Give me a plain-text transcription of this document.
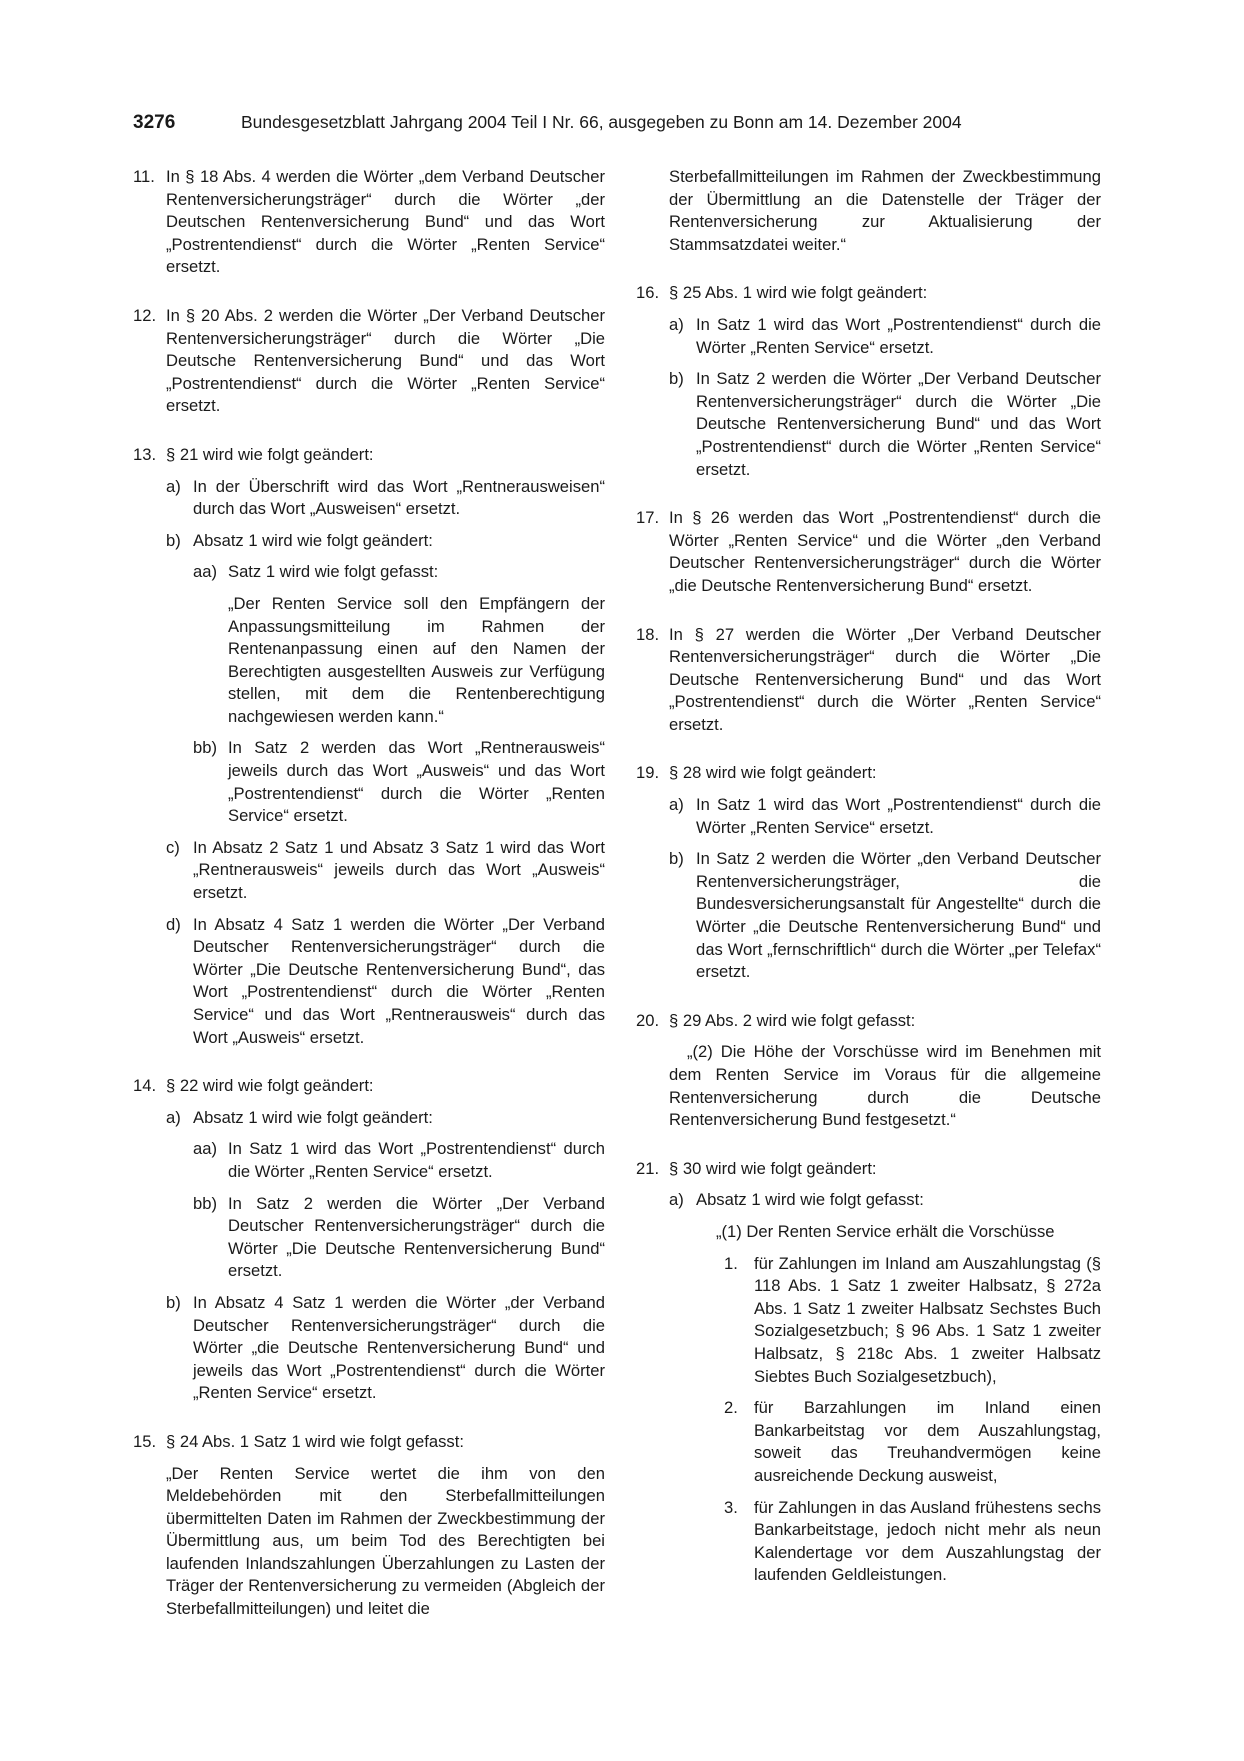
3276	Bundesgesetzblatt Jahrgang 2004 Teil I Nr. 66, ausgegeben zu Bonn am 14. Dezember 2004
11. In § 18 Abs. 4 werden die Wörter „dem Verband Deutscher Rentenversicherungsträger“ durch die Wörter „der Deutschen Rentenversicherung Bund“ und das Wort „Postrentendienst“ durch die Wörter „Renten Service“ ersetzt.

12. In § 20 Abs. 2 werden die Wörter „Der Verband Deutscher Rentenversicherungsträger“ durch die Wörter „Die Deutsche Rentenversicherung Bund“ und das Wort „Postrentendienst“ durch die Wörter „Renten Service“ ersetzt.

13. § 21 wird wie folgt geändert:

a) In der Überschrift wird das Wort „Rentnerausweisen“ durch das Wort „Ausweisen“ ersetzt.

b) Absatz 1 wird wie folgt geändert:

aa) Satz 1 wird wie folgt gefasst:

„Der Renten Service soll den Empfängern der Anpassungsmitteilung im Rahmen der Rentenanpassung einen auf den Namen der Berechtigten ausgestellten Ausweis zur Verfügung stellen, mit dem die Rentenberechtigung nachgewiesen werden kann.“

bb) In Satz 2 werden das Wort „Rentnerausweis“ jeweils durch das Wort „Ausweis“ und das Wort „Postrentendienst“ durch die Wörter „Renten Service“ ersetzt.

c) In Absatz 2 Satz 1 und Absatz 3 Satz 1 wird das Wort „Rentnerausweis“ jeweils durch das Wort „Ausweis“ ersetzt.

d) In Absatz 4 Satz 1 werden die Wörter „Der Verband Deutscher Rentenversicherungsträger“ durch die Wörter „Die Deutsche Rentenversicherung Bund“, das Wort „Postrentendienst“ durch die Wörter „Renten Service“ und das Wort „Rentnerausweis“ durch das Wort „Ausweis“ ersetzt.

14. § 22 wird wie folgt geändert:

a) Absatz 1 wird wie folgt geändert:

aa) In Satz 1 wird das Wort „Postrentendienst“ durch die Wörter „Renten Service“ ersetzt.

bb) In Satz 2 werden die Wörter „Der Verband Deutscher Rentenversicherungsträger“ durch die Wörter „Die Deutsche Rentenversicherung Bund“ ersetzt.

b) In Absatz 4 Satz 1 werden die Wörter „der Verband Deutscher Rentenversicherungsträger“ durch die Wörter „die Deutsche Rentenversicherung Bund“ und jeweils das Wort „Postrentendienst“ durch die Wörter „Renten Service“ ersetzt.

15. § 24 Abs. 1 Satz 1 wird wie folgt gefasst:

„Der Renten Service wertet die ihm von den Meldebehörden mit den Sterbefallmitteilungen übermittelten Daten im Rahmen der Zweckbestimmung der Übermittlung aus, um beim Tod des Berechtigten bei laufenden Inlandszahlungen Überzahlungen zu Lasten der Träger der Rentenversicherung zu vermeiden (Abgleich der Sterbefallmitteilungen) und leitet die

Sterbefallmitteilungen im Rahmen der Zweckbestimmung der Übermittlung an die Datenstelle der Träger der Rentenversicherung zur Aktualisierung der Stammsatzdatei weiter.“

16. § 25 Abs. 1 wird wie folgt geändert:

a) In Satz 1 wird das Wort „Postrentendienst“ durch die Wörter „Renten Service“ ersetzt.

b) In Satz 2 werden die Wörter „Der Verband Deutscher Rentenversicherungsträger“ durch die Wörter „Die Deutsche Rentenversicherung Bund“ und das Wort „Postrentendienst“ durch die Wörter „Renten Service“ ersetzt.

17. In § 26 werden das Wort „Postrentendienst“ durch die Wörter „Renten Service“ und die Wörter „den Verband Deutscher Rentenversicherungsträger“ durch die Wörter „die Deutsche Rentenversicherung Bund“ ersetzt.

18. In § 27 werden die Wörter „Der Verband Deutscher Rentenversicherungsträger“ durch die Wörter „Die Deutsche Rentenversicherung Bund“ und das Wort „Postrentendienst“ durch die Wörter „Renten Service“ ersetzt.

19. § 28 wird wie folgt geändert:

a) In Satz 1 wird das Wort „Postrentendienst“ durch die Wörter „Renten Service“ ersetzt.

b) In Satz 2 werden die Wörter „den Verband Deutscher Rentenversicherungsträger, die Bundesversicherungsanstalt für Angestellte“ durch die Wörter „die Deutsche Rentenversicherung Bund“ und das Wort „fernschriftlich“ durch die Wörter „per Telefax“ ersetzt.

20. § 29 Abs. 2 wird wie folgt gefasst:

„(2) Die Höhe der Vorschüsse wird im Benehmen mit dem Renten Service im Voraus für die allgemeine Rentenversicherung durch die Deutsche Rentenversicherung Bund festgesetzt.“

21. § 30 wird wie folgt geändert:

a) Absatz 1 wird wie folgt gefasst:

„(1) Der Renten Service erhält die Vorschüsse

1. für Zahlungen im Inland am Auszahlungstag (§ 118 Abs. 1 Satz 1 zweiter Halbsatz, § 272a Abs. 1 Satz 1 zweiter Halbsatz Sechstes Buch Sozialgesetzbuch; § 96 Abs. 1 Satz 1 zweiter Halbsatz, § 218c Abs. 1 zweiter Halbsatz Siebtes Buch Sozialgesetzbuch),

2. für Barzahlungen im Inland einen Bankarbeitstag vor dem Auszahlungstag, soweit das Treuhandvermögen keine ausreichende Deckung ausweist,

3. für Zahlungen in das Ausland frühestens sechs Bankarbeitstage, jedoch nicht mehr als neun Kalendertage vor dem Auszahlungstag der laufenden Geldleistungen.
